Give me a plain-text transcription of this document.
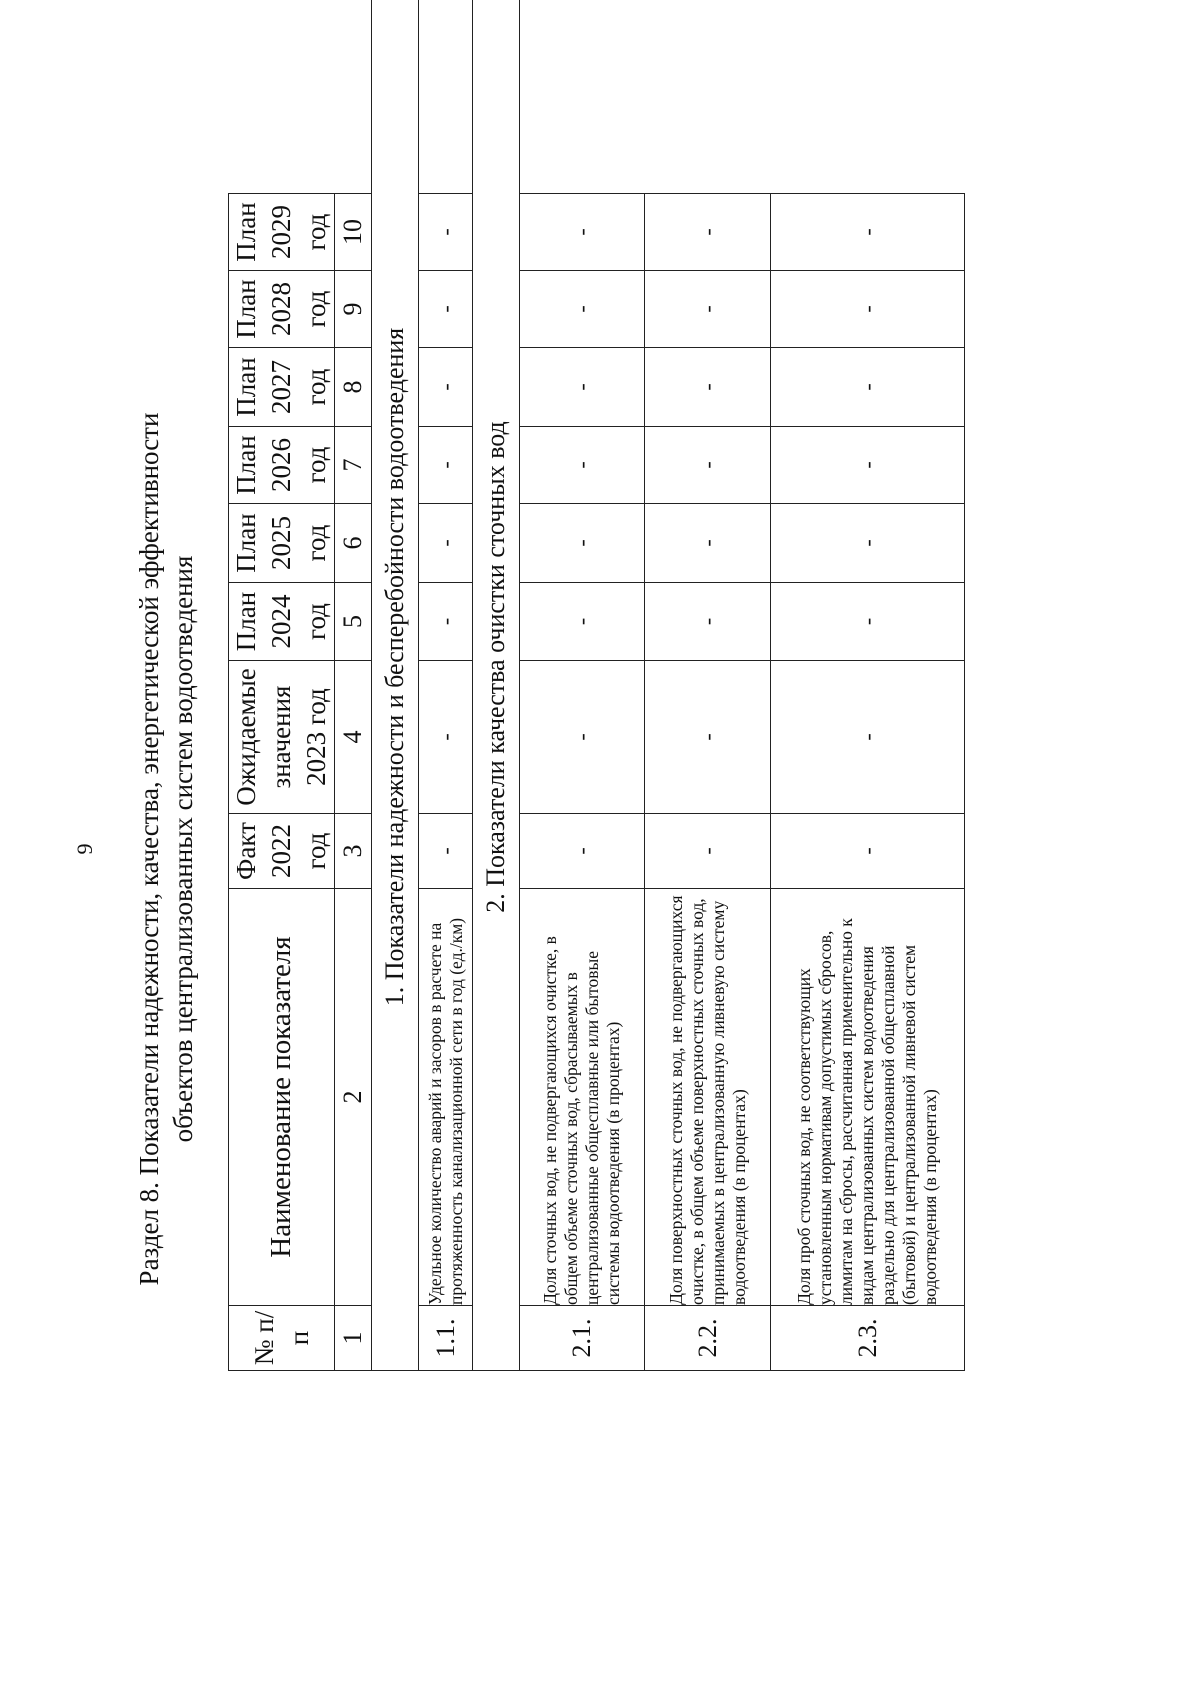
9 Раздел 8. Показатели надежности, качества, энергетической эффективности объектов централизованных систем водоотведения
№ п/п	Наименование показателя	Факт 2022 год	Ожидаемые значения 2023 год	План 2024 год	План 2025 год	План 2026 год	План 2027 год	План 2028 год	План 2029 год		
1	2	3	4	5	6	7	8	9	10		
1. Показатели надежности и бесперебойности водоотведения											
1.1.	Удельное количество аварий и засоров в расчете на протяженность канализационной сети в год (ед./км)	-	-	-	-	-	-	-	-		
2. Показатели качества очистки сточных вод											
2.1.	Доля сточных вод, не подвергающихся очистке, в общем объеме сточных вод, сбрасываемых в централизованные общесплавные или бытовые системы водоотведения (в процентах)	-	-	-	-	-	-	-	-		
2.2.	Доля поверхностных сточных вод, не подвергающихся очистке, в общем объеме поверхностных сточных вод, принимаемых в централизованную ливневую систему водоотведения (в процентах)	-	-	-	-	-	-	-	-		
2.3.	Доля проб сточных вод, не соответствующих установленным нормативам допустимых сбросов, лимитам на сбросы, рассчитанная применительно к видам централизованных систем водоотведения раздельно для централизованной общесплавной (бытовой) и централизованной ливневой систем водоотведения (в процентах)	-	-	-	-	-	-	-	-		
